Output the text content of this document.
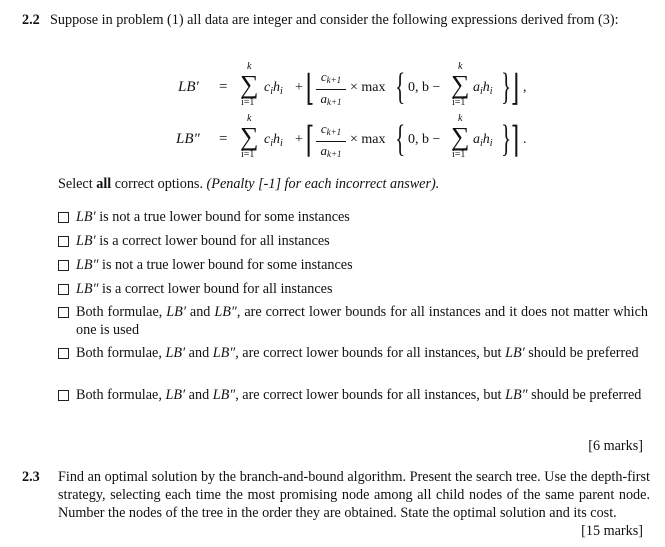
2.2 Suppose in problem (1) all data are integer and consider the following expressions derived from (3):
LB′ =
k
∑
i=1
$c_ih_i$ + ⌊ $c_{k+1}$
$a_{k+1}$
× max { 0, b −
k
∑
i=1
$a_ih_i$ } ⌋ ,
LB″ =
k
∑
i=1
$c_ih_i$ + ⌈ $c_{k+1}$
$a_{k+1}$
× max { 0, b −
k
∑
i=1
$a_ih_i$ } ⌉ .
Select all correct options. (Penalty [-1] for each incorrect answer).
LB′ is not a true lower bound for some instances
LB′ is a correct lower bound for all instances
LB″ is not a true lower bound for some instances
LB″ is a correct lower bound for all instances
Both formulae, LB′ and LB″, are correct lower bounds for all instances and it does not matter which one is used
Both formulae, LB′ and LB″, are correct lower bounds for all instances, but LB′ should be preferred
Both formulae, LB′ and LB″, are correct lower bounds for all instances, but LB″ should be preferred
[6 marks]
2.3	Find an optimal solution by the branch-and-bound algorithm. Present the search tree. Use the depth-first strategy, selecting each time the most promising node among all child nodes of the same parent node. Number the nodes of the tree in the order they are obtained. State the optimal solution and its cost.
[15 marks]
